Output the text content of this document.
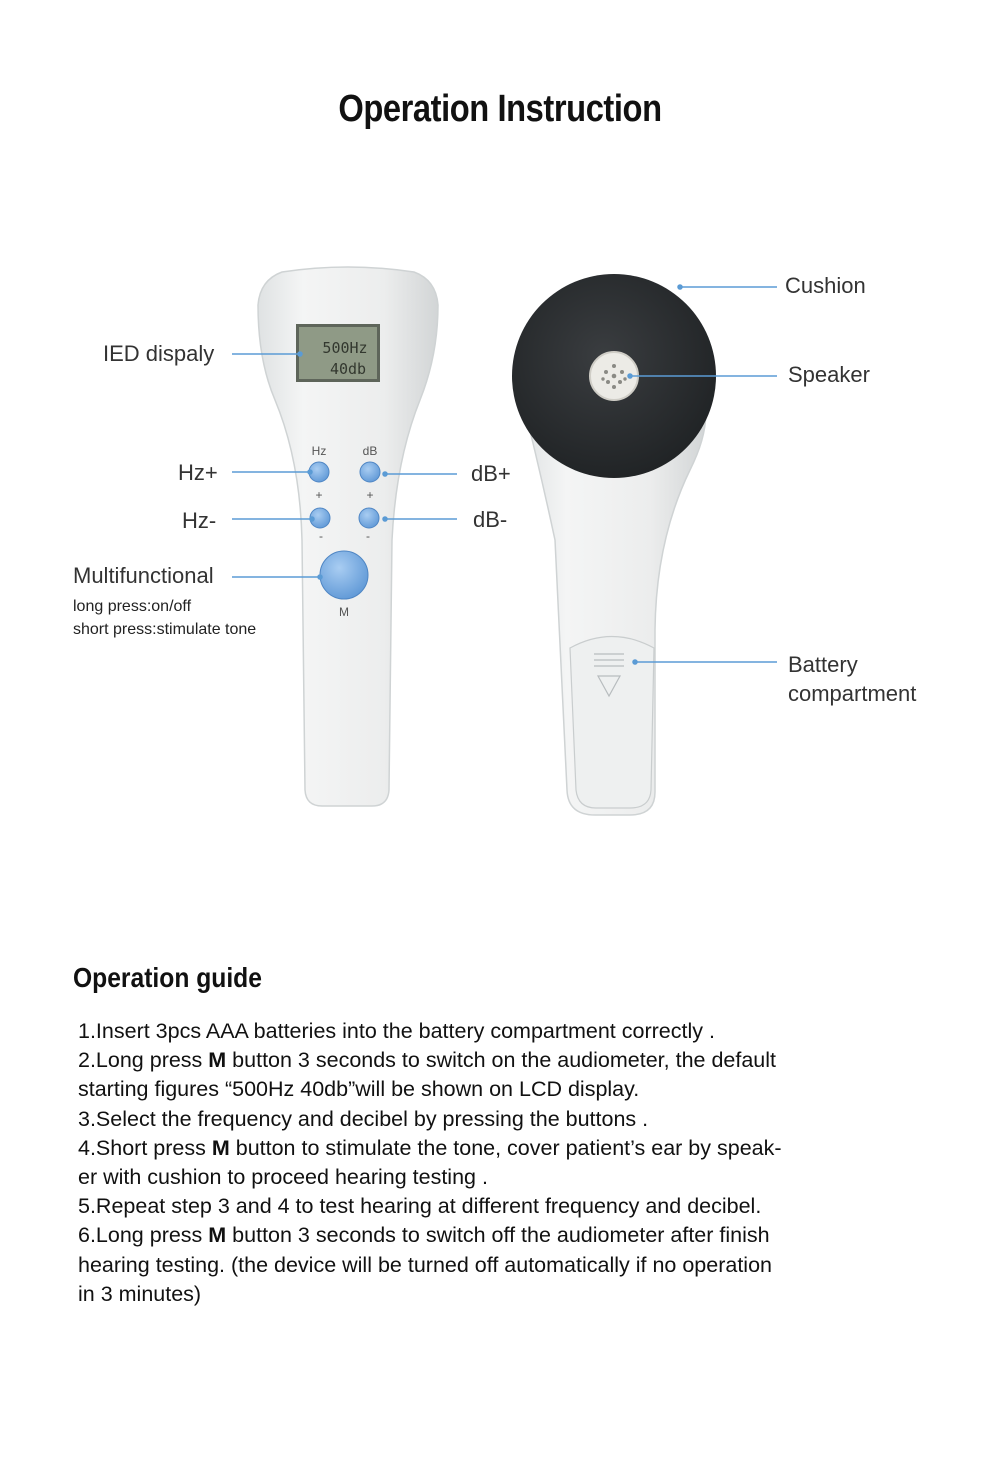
Operation Instruction
500Hz
40db
Hz	dB
+	+
-	-
M
IED dispaly
Hz+
Hz-
Multifunctional
long press:on/off
short press:stimulate tone
dB+
dB-
Cushion
Speaker
Battery
compartment
Operation guide
1.Insert 3pcs AAA batteries into the battery compartment correctly .
2.Long press M button 3 seconds to switch on the audiometer, the default
starting figures “500Hz 40db”will be shown on LCD display.
3.Select the frequency and decibel by pressing the buttons .
4.Short press M button to stimulate the tone, cover patient’s ear by speak-
er with cushion to proceed hearing testing .
5.Repeat step 3 and 4 to test hearing at different frequency and decibel.
6.Long press M button 3 seconds to switch off the audiometer after finish
hearing testing. (the device will be turned off automatically if no operation
in 3 minutes)
